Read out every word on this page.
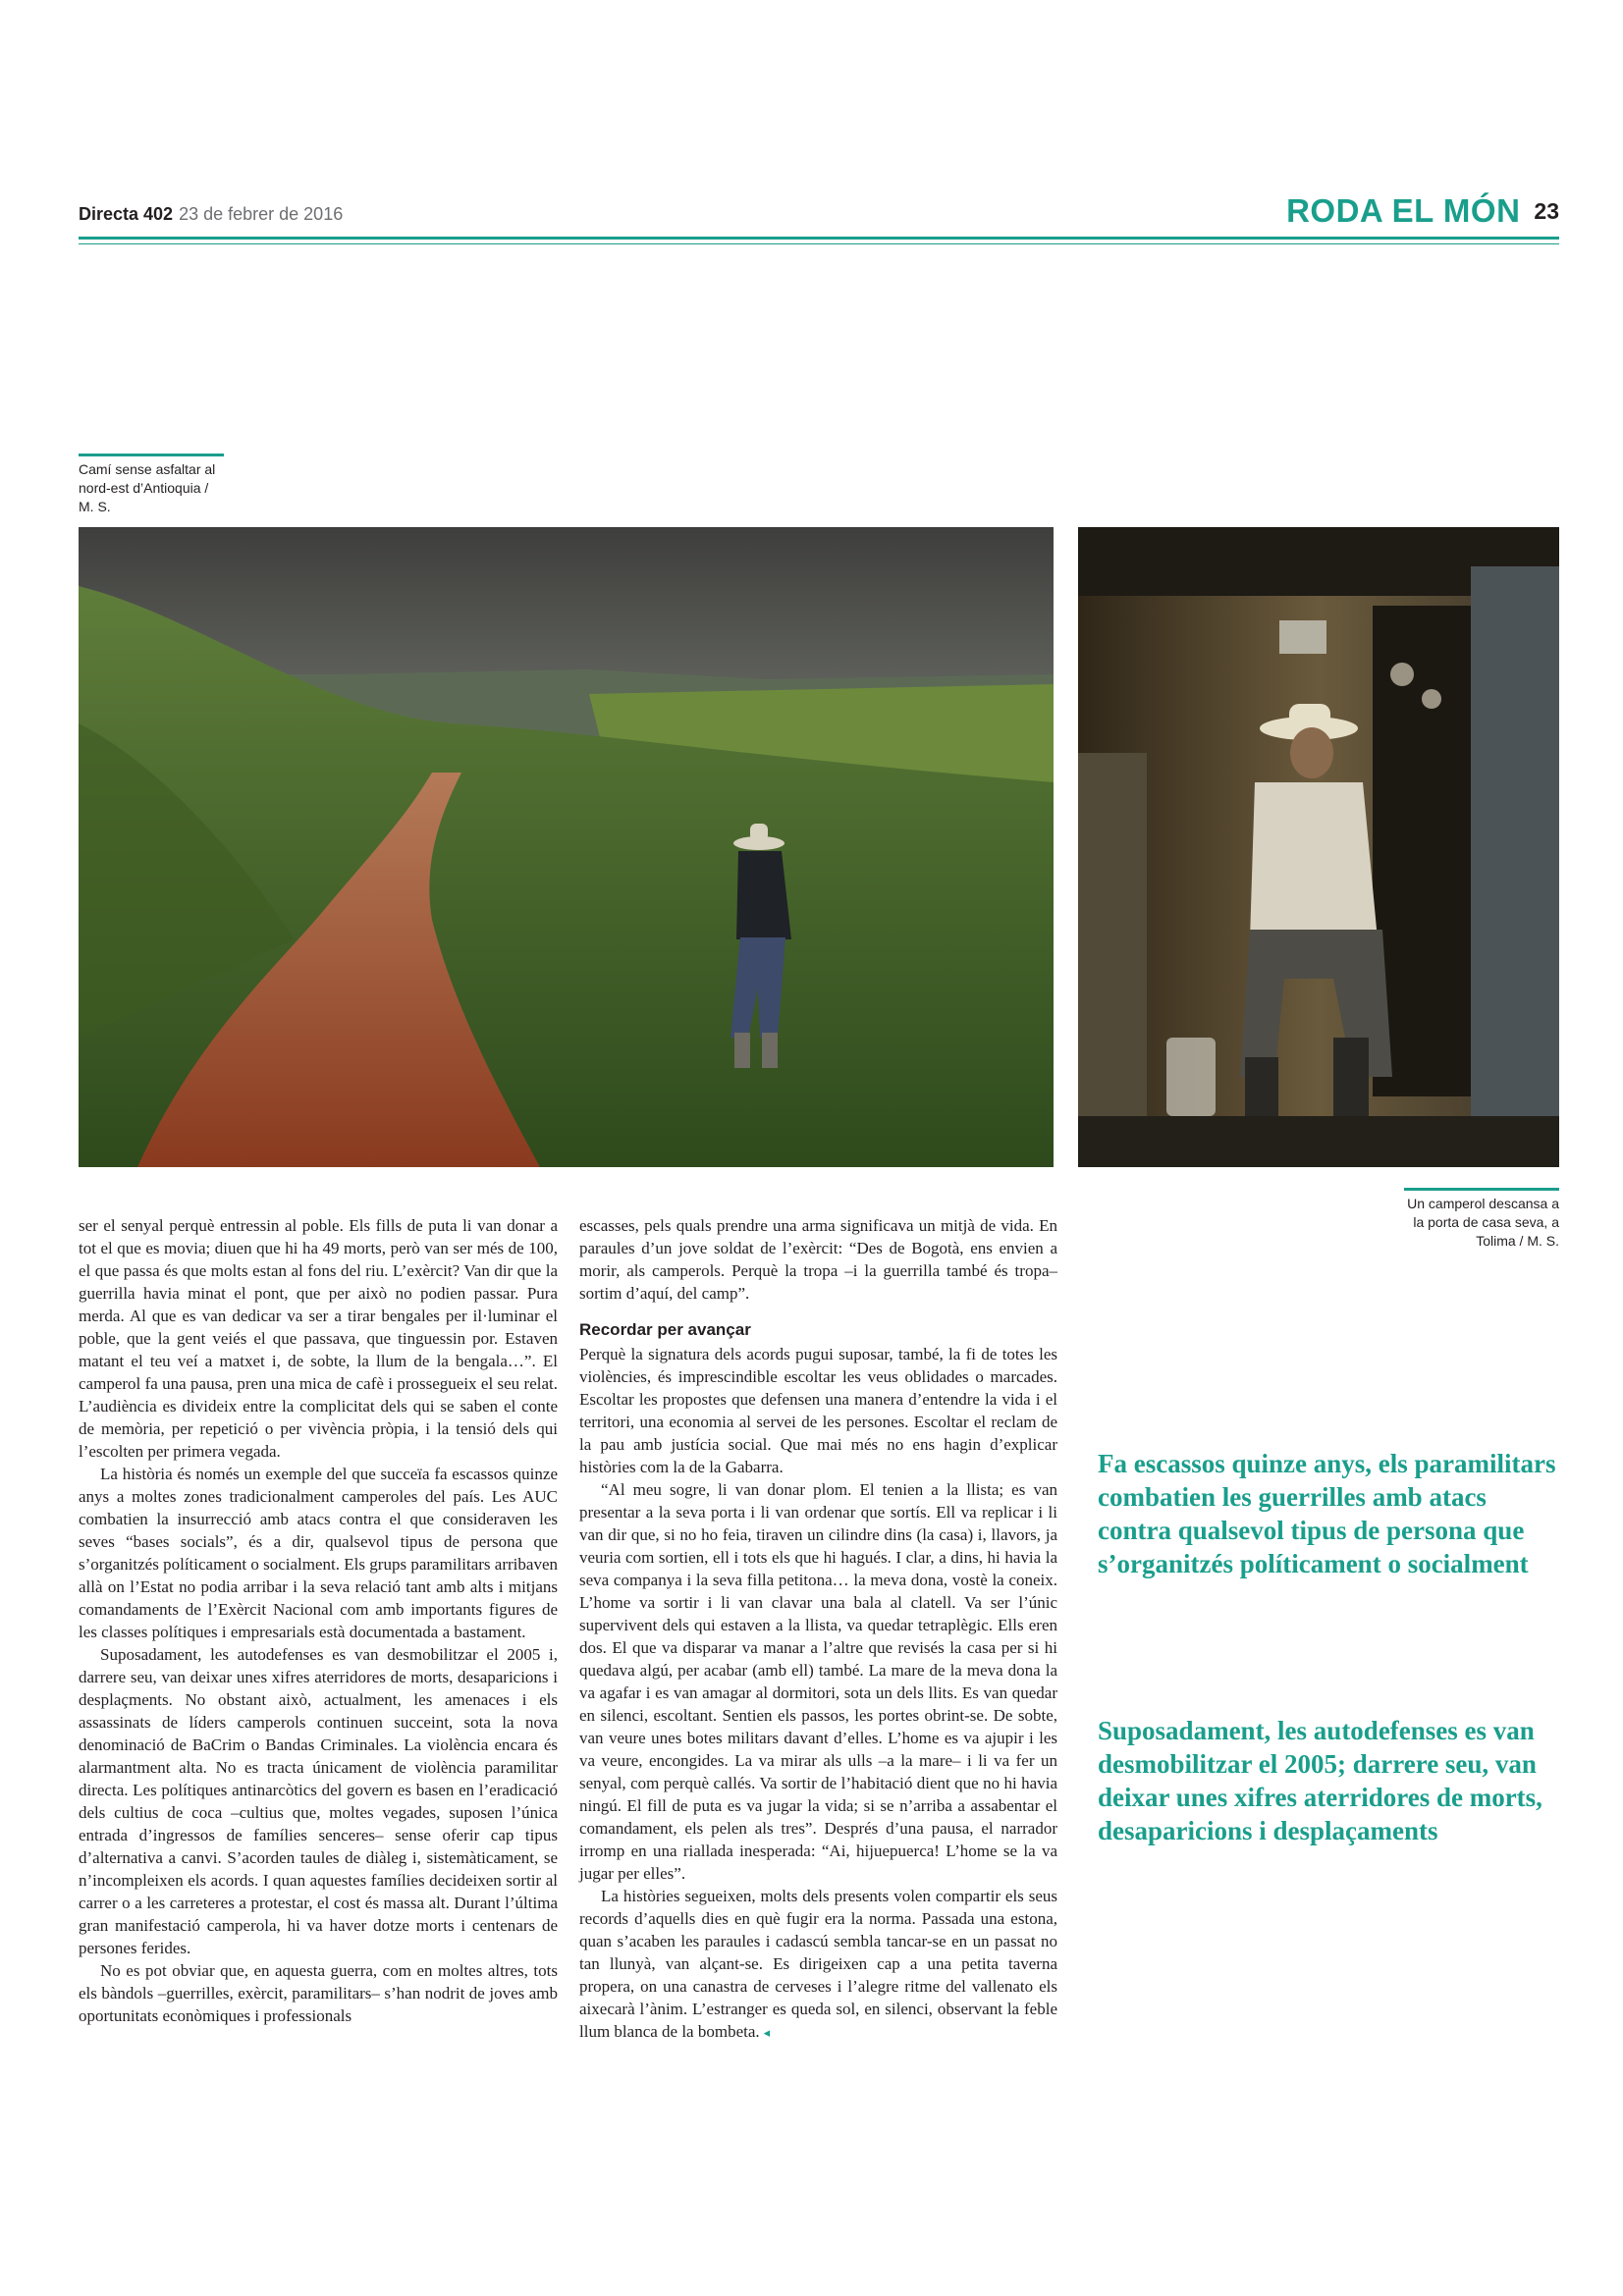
Directa 402 23 de febrer de 2016	RODA EL MÓN 23
Camí sense asfaltar al nord-est d’Antioquia / M. S.
Un camperol descansa a la porta de casa seva, a Tolima / M. S.

ser el senyal perquè entressin al poble. Els fills de puta li van donar a tot el que es movia; diuen que hi ha 49 morts, però van ser més de 100, el que passa és que molts estan al fons del riu. L’exèrcit? Van dir que la guerrilla havia minat el pont, que per això no podien passar. Pura merda. Al que es van dedicar va ser a tirar bengales per il·luminar el poble, que la gent veiés el que passava, que tinguessin por. Estaven matant el teu veí a matxet i, de sobte, la llum de la bengala…”. El camperol fa una pausa, pren una mica de cafè i prossegueix el seu relat. L’audiència es divideix entre la complicitat dels qui se saben el conte de memòria, per repetició o per vivència pròpia, i la tensió dels qui l’escolten per primera vegada.

La història és només un exemple del que succeïa fa escassos quinze anys a moltes zones tradicionalment camperoles del país. Les AUC combatien la insurrecció amb atacs contra el que consideraven les seves “bases socials”, és a dir, qualsevol tipus de persona que s’organitzés políticament o socialment. Els grups paramilitars arribaven allà on l’Estat no podia arribar i la seva relació tant amb alts i mitjans comandaments de l’Exèrcit Nacional com amb importants figures de les classes polítiques i empresarials està documentada a bastament.

Suposadament, les autodefenses es van desmobilitzar el 2005 i, darrere seu, van deixar unes xifres aterridores de morts, desaparicions i desplaçments. No obstant això, actualment, les amenaces i els assassinats de líders camperols continuen succeint, sota la nova denominació de BaCrim o Bandas Criminales. La violència encara és alarmantment alta. No es tracta únicament de violència paramilitar directa. Les polítiques antinarcòtics del govern es basen en l’eradicació dels cultius de coca –cultius que, moltes vegades, suposen l’única entrada d’ingressos de famílies senceres– sense oferir cap tipus d’alternativa a canvi. S’acorden taules de diàleg i, sistemàticament, se n’incompleixen els acords. I quan aquestes famílies decideixen sortir al carrer o a les carreteres a protestar, el cost és massa alt. Durant l’última gran manifestació camperola, hi va haver dotze morts i centenars de persones ferides.

No es pot obviar que, en aquesta guerra, com en moltes altres, tots els bàndols –guerrilles, exèrcit, paramilitars– s’han nodrit de joves amb oportunitats econòmiques i professionals

escasses, pels quals prendre una arma significava un mitjà de vida. En paraules d’un jove soldat de l’exèrcit: “Des de Bogotà, ens envien a morir, als camperols. Perquè la tropa –i la guerrilla també és tropa– sortim d’aquí, del camp”.

Recordar per avançar

Perquè la signatura dels acords pugui suposar, també, la fi de totes les violències, és imprescindible escoltar les veus oblidades o marcades. Escoltar les propostes que defensen una manera d’entendre la vida i el territori, una economia al servei de les persones. Escoltar el reclam de la pau amb justícia social. Que mai més no ens hagin d’explicar històries com la de la Gabarra.

“Al meu sogre, li van donar plom. El tenien a la llista; es van presentar a la seva porta i li van ordenar que sortís. Ell va replicar i li van dir que, si no ho feia, tiraven un cilindre dins (la casa) i, llavors, ja veuria com sortien, ell i tots els que hi hagués. I clar, a dins, hi havia la seva companya i la seva filla petitona… la meva dona, vostè la coneix. L’home va sortir i li van clavar una bala al clatell. Va ser l’únic supervivent dels qui estaven a la llista, va quedar tetraplègic. Ells eren dos. El que va disparar va manar a l’altre que revisés la casa per si hi quedava algú, per acabar (amb ell) també. La mare de la meva dona la va agafar i es van amagar al dormitori, sota un dels llits. Es van quedar en silenci, escoltant. Sentien els passos, les portes obrint-se. De sobte, van veure unes botes militars davant d’elles. L’home es va ajupir i les va veure, encongides. La va mirar als ulls –a la mare– i li va fer un senyal, com perquè callés. Va sortir de l’habitació dient que no hi havia ningú. El fill de puta es va jugar la vida; si se n’arriba a assabentar el comandament, els pelen als tres”. Després d’una pausa, el narrador irromp en una riallada inesperada: “Ai, hijuepuerca! L’home se la va jugar per elles”.

La històries segueixen, molts dels presents volen compartir els seus records d’aquells dies en què fugir era la norma. Passada una estona, quan s’acaben les paraules i cadascú sembla tancar-se en un passat no tan llunyà, van alçant-se. Es dirigeixen cap a una petita taverna propera, on una canastra de cerveses i l’alegre ritme del vallenato els aixecarà l’ànim. L’estranger es queda sol, en silenci, observant la feble llum blanca de la bombeta. ◂

Fa escassos quinze anys, els paramilitars combatien les guerrilles amb atacs contra qualsevol tipus de persona que s’organitzés políticament o socialment
Suposadament, les autodefenses es van desmobilitzar el 2005; darrere seu, van deixar unes xifres aterridores de morts, desaparicions i desplaçaments
